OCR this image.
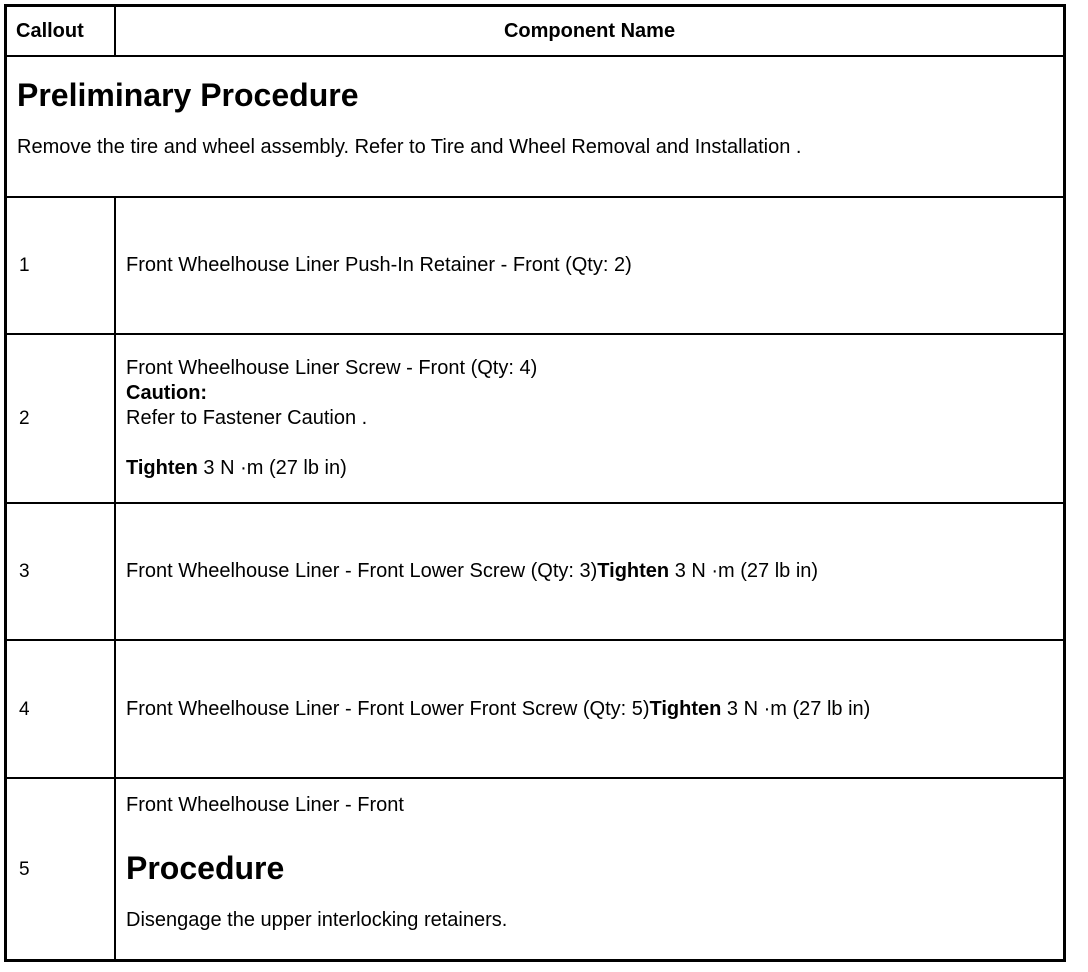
Callout	Component Name

Preliminary Procedure
Remove the tire and wheel assembly. Refer to Tire and Wheel Removal and Installation .	

1	Front Wheelhouse Liner Push-In Retainer - Front (Qty: 2)
2	Front Wheelhouse Liner Screw - Front (Qty: 4)
Caution:
Refer to Fastener Caution .
Tighten 3 N ·m (27 lb in)

3	Front Wheelhouse Liner - Front Lower Screw (Qty: 3)Tighten 3 N ·m (27 lb in)
4	Front Wheelhouse Liner - Front Lower Front Screw (Qty: 5)Tighten 3 N ·m (27 lb in)
5	Front Wheelhouse Liner - Front
Procedure
Disengage the upper interlocking retainers.
